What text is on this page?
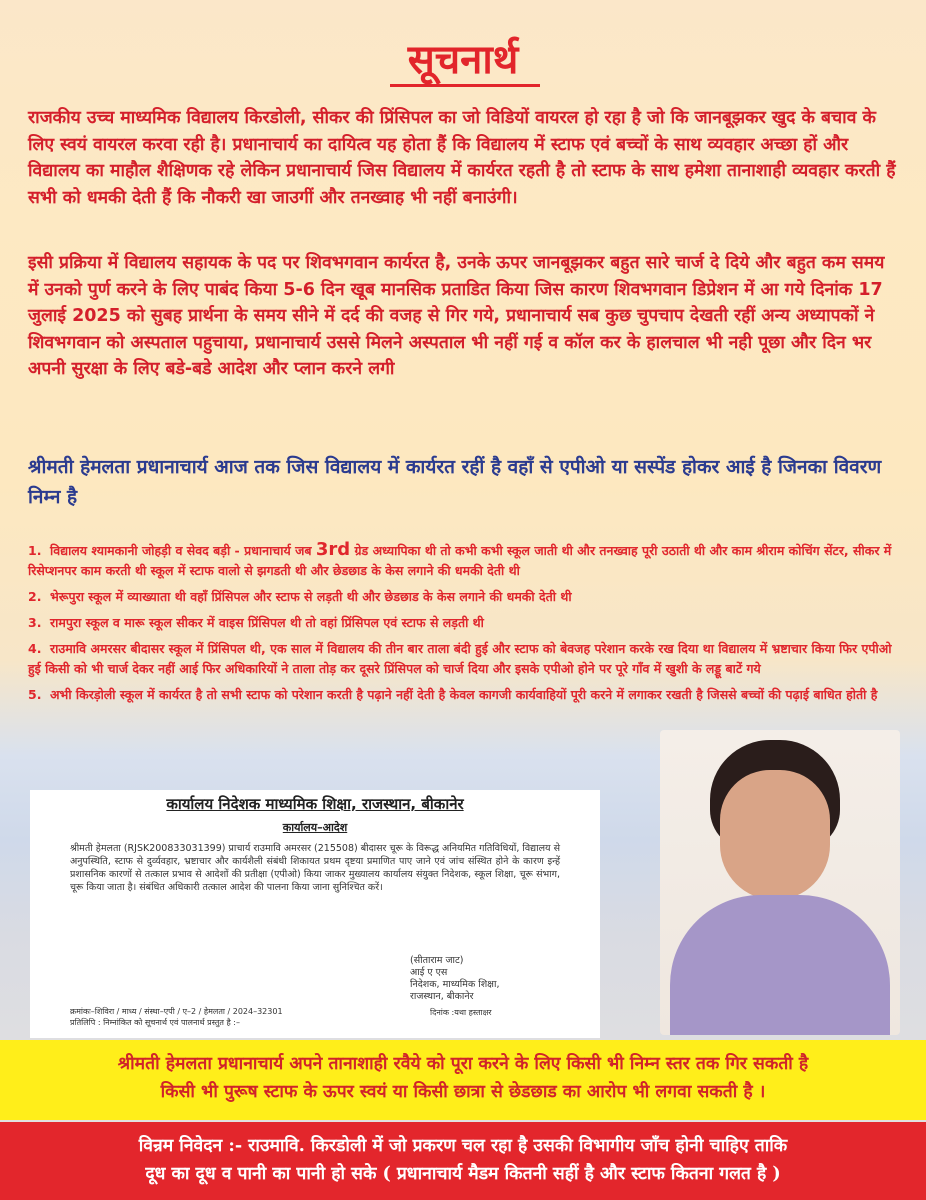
सूचनार्थ
राजकीय उच्च माध्यमिक विद्यालय किरडोली, सीकर की प्रिंसिपल का जो विडियों वायरल हो रहा है जो कि जानबूझकर खुद के बचाव के लिए स्वयं वायरल करवा रही है। प्रधानाचार्य का दायित्व यह होता हैं कि विद्यालय में स्टाफ एवं बच्चों के साथ व्यवहार अच्छा हों और विद्यालय का माहौल शैक्षिणक रहे लेकिन प्रधानाचार्य जिस विद्यालय में कार्यरत रहती है तो स्टाफ के साथ हमेशा तानाशाही व्यवहार करती हैं सभी को धमकी देती हैं कि नौकरी खा जाउगीं और तनख्वाह भी नहीं बनाउंगी।
इसी प्रक्रिया में विद्यालय सहायक के पद पर शिवभगवान कार्यरत है, उनके ऊपर जानबूझकर बहुत सारे चार्ज दे दिये और बहुत कम समय में उनको पुर्ण करने के लिए पाबंद किया 5-6 दिन खूब मानसिक प्रताडित किया जिस कारण शिवभगवान डिप्रेशन में आ गये दिनांक 17 जुलाई 2025 को सुबह प्रार्थना के समय सीने में दर्द की वजह से गिर गये, प्रधानाचार्य सब कुछ चुपचाप देखती रहीं अन्य अध्यापकों ने शिवभगवान को अस्पताल पहुचाया, प्रधानाचार्य उससे मिलने अस्पताल भी नहीं गई व कॉल कर के हालचाल भी नही पूछा और दिन भर अपनी सुरक्षा के लिए बडे-बडे आदेश और प्लान करने लगी
श्रीमती हेमलता प्रधानाचार्य आज तक जिस विद्यालय में कार्यरत रहीं है वहाँ से एपीओ या सस्पेंड होकर आई है जिनका विवरण निम्न है
1. विद्यालय श्यामकानी जोहड़ी व सेवद बड़ी - प्रधानाचार्य जब 3rd ग्रेड अध्यापिका थी तो कभी कभी स्कूल जाती थी और तनख्वाह पूरी उठाती थी और काम श्रीराम कोचिंग सेंटर, सीकर में रिसेप्शनपर काम करती थी स्कूल में स्टाफ वालो से झगडती थी और छेडछाड के केस लगाने की धमकी देती थी
2. भेरूपुरा स्कूल में व्याख्याता थी वहाँ प्रिंसिपल और स्टाफ से लड़ती थी और छेडछाड के केस लगाने की धमकी देती थी
3. रामपुरा स्कूल व मारू स्कूल सीकर में वाइस प्रिंसिपल थी तो वहां प्रिंसिपल एवं स्टाफ से लड़ती थी
4. राउमावि अमरसर बीदासर स्कूल में प्रिंसिपल थी, एक साल में विद्यालय की तीन बार ताला बंदी हुई और स्टाफ को बेवजह परेशान करके रख दिया था विद्यालय में भ्रष्टाचार किया फिर एपीओ हुई किसी को भी चार्ज देकर नहीं आई फिर अधिकारियों ने ताला तोड़ कर दूसरे प्रिंसिपल को चार्ज दिया और इसके एपीओ होने पर पूरे गाँव में खुशी के लड्डू बाटें गये
5. अभी किरड़ोली स्कूल में कार्यरत है तो सभी स्टाफ को परेशान करती है पढ़ाने नहीं देती है केवल कागजी कार्यवाहियों पूरी करने में लगाकर रखती है जिससे बच्चों की पढ़ाई बाधित होती है
कार्यालय निदेशक माध्यमिक शिक्षा, राजस्थान, बीकानेर
कार्यालय–आदेश
श्रीमती हेमलता (RJSK200833031399) प्राचार्य राउमावि अमरसर (215508) बीदासर चूरू के विरूद्ध अनियमित गतिविधियों, विद्यालय से अनुपस्थिति, स्टाफ से दुर्व्यवहार, भ्रष्टाचार और कार्यशैली संबंधी शिकायत प्रथम दृष्टया प्रमाणित पाए जाने एवं जांच संस्थित होने के कारण इन्हें प्रशासनिक कारणों से तत्काल प्रभाव से आदेशों की प्रतीक्षा (एपीओ) किया जाकर मुख्यालय कार्यालय संयुक्त निदेशक, स्कूल शिक्षा, चूरू संभाग, चूरू किया जाता है। संबंधित अधिकारी तत्काल आदेश की पालना किया जाना सुनिश्चित करें।
(सीताराम जाट)
आई ए एस
निदेशक, माध्यमिक शिक्षा,
राजस्थान, बीकानेर
क्रमांकः–शिविरा / माध्य / संस्था–एपी / ए–2 / हेमलता / 2024–32301
प्रतिलिपि : निम्नांकित को सूचनार्थ एवं पालनार्थ प्रस्तुत है :–
दिनांक :यथा हस्ताक्षर
श्रीमती हेमलता प्रधानाचार्य अपने तानाशाही रवैये को पूरा करने के लिए किसी भी निम्न स्तर तक गिर सकती है
किसी भी पुरूष स्टाफ के ऊपर स्वयं या किसी छात्रा से छेडछाड का आरोप भी लगवा सकती है ।
विन्रम निवेदन :- राउमावि. किरडोली में जो प्रकरण चल रहा है उसकी विभागीय जाँच होनी चाहिए ताकि
दूध का दूध व पानी का पानी हो सके ( प्रधानाचार्य मैडम कितनी सहीं है और स्टाफ कितना गलत है )
